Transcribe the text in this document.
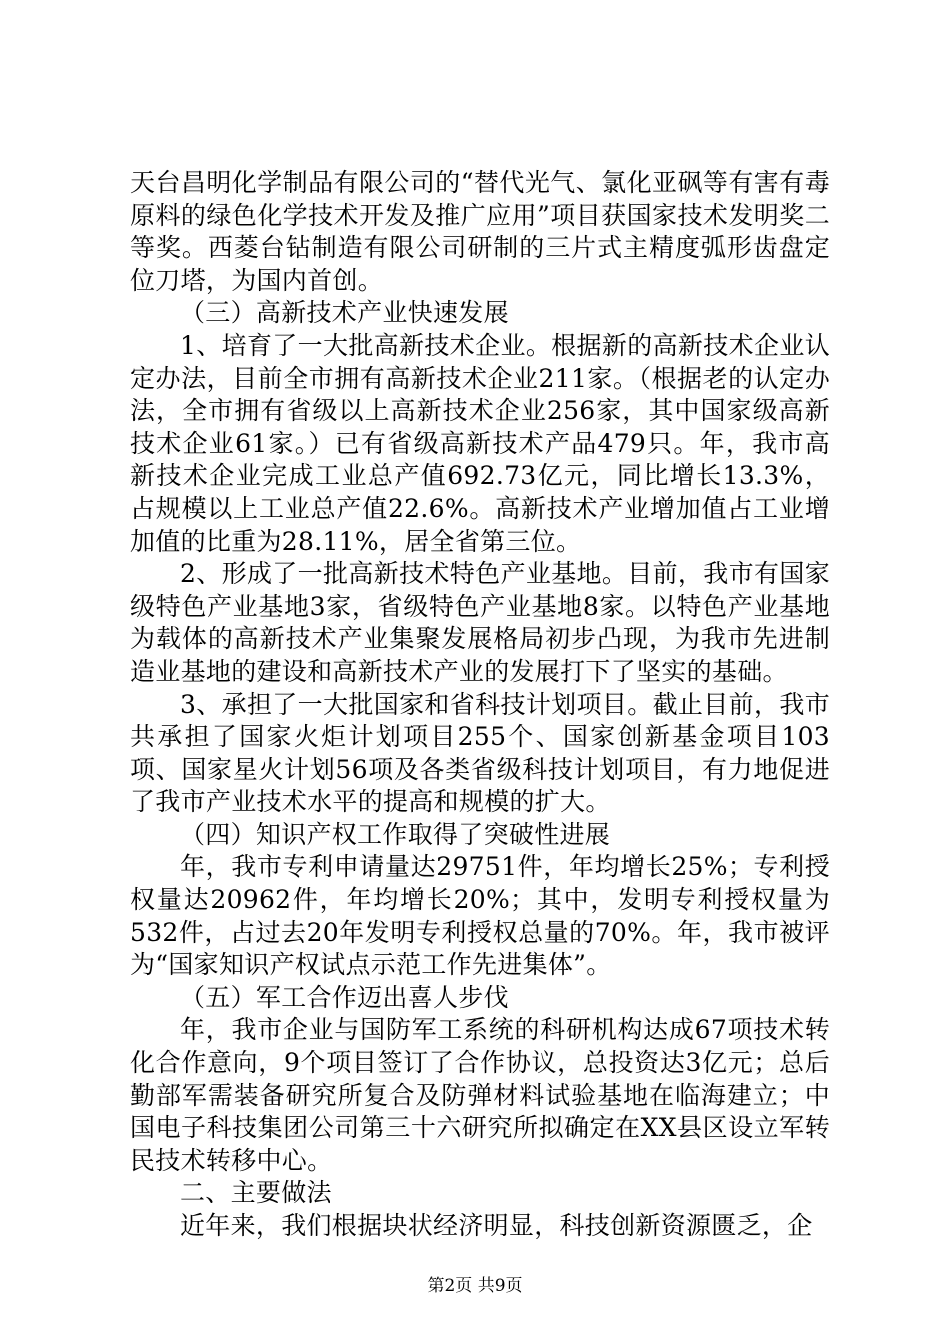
天台昌明化学制品有限公司的“替代光气、氯化亚砜等有害有毒原料的绿色化学技术开发及推广应用”项目获国家技术发明奖二等奖。西菱台钻制造有限公司研制的三片式主精度弧形齿盘定位刀塔，为国内首创。

（三）高新技术产业快速发展

1、培育了一大批高新技术企业。根据新的高新技术企业认定办法，目前全市拥有高新技术企业211家。（根据老的认定办法，全市拥有省级以上高新技术企业256家，其中国家级高新技术企业61家。）已有省级高新技术产品479只。年，我市高新技术企业完成工业总产值692.73亿元，同比增长13.3%，占规模以上工业总产值22.6%。高新技术产业增加值占工业增加值的比重为28.11%，居全省第三位。

2、形成了一批高新技术特色产业基地。目前，我市有国家级特色产业基地3家，省级特色产业基地8家。以特色产业基地为载体的高新技术产业集聚发展格局初步凸现，为我市先进制造业基地的建设和高新技术产业的发展打下了坚实的基础。

3、承担了一大批国家和省科技计划项目。截止目前，我市共承担了国家火炬计划项目255个、国家创新基金项目103项、国家星火计划56项及各类省级科技计划项目，有力地促进了我市产业技术水平的提高和规模的扩大。

（四）知识产权工作取得了突破性进展

年，我市专利申请量达29751件，年均增长25%；专利授权量达20962件，年均增长20%；其中，发明专利授权量为532件，占过去20年发明专利授权总量的70%。年，我市被评为“国家知识产权试点示范工作先进集体”。

（五）军工合作迈出喜人步伐

年，我市企业与国防军工系统的科研机构达成67项技术转化合作意向，9个项目签订了合作协议，总投资达3亿元；总后勤部军需装备研究所复合及防弹材料试验基地在临海建立；中国电子科技集团公司第三十六研究所拟确定在XX县区设立军转民技术转移中心。

二、主要做法

近年来，我们根据块状经济明显，科技创新资源匮乏，企

第2页 共9页
